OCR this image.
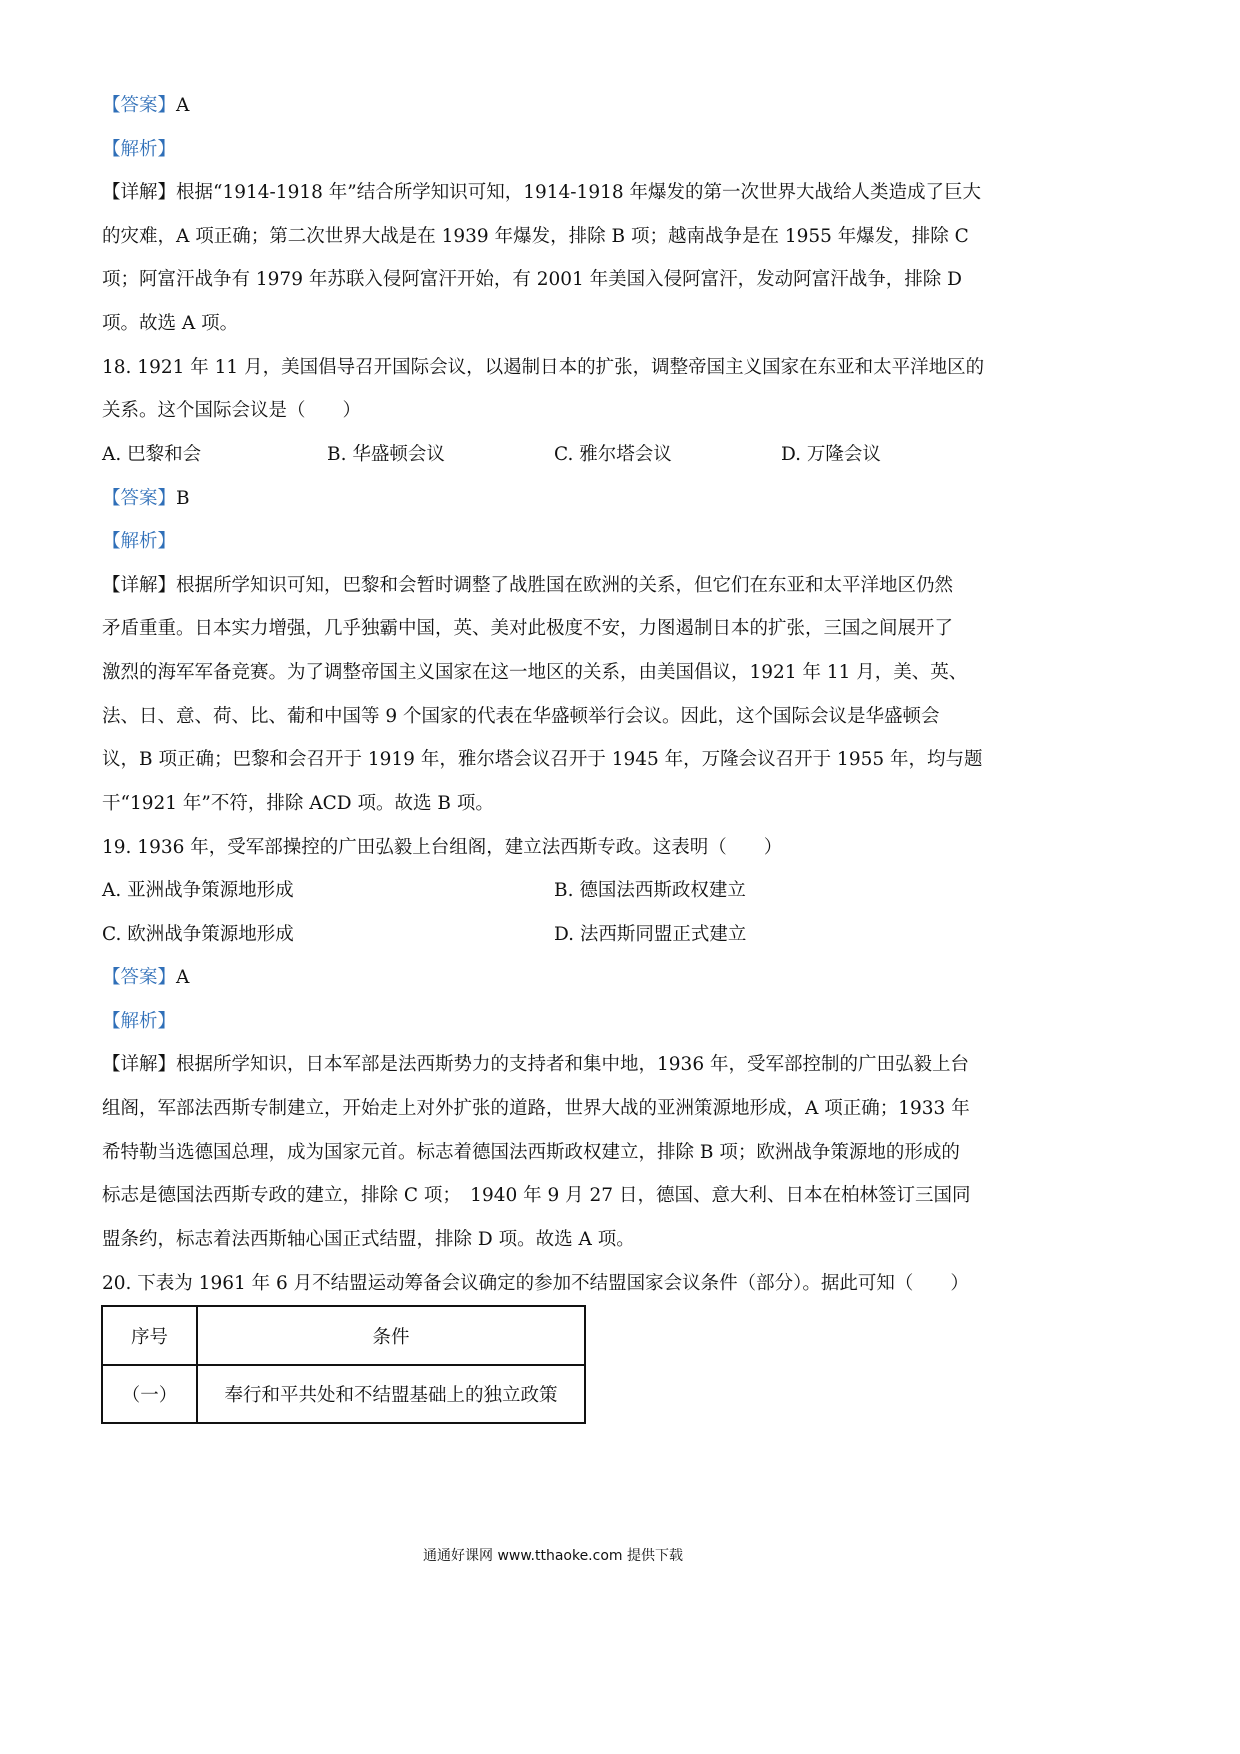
【答案】A
【解析】
【详解】根据“1914-1918 年”结合所学知识可知，1914-1918 年爆发的第一次世界大战给人类造成了巨大
的灾难，A 项正确；第二次世界大战是在 1939 年爆发，排除 B 项；越南战争是在 1955 年爆发，排除 C
项；阿富汗战争有 1979 年苏联入侵阿富汗开始，有 2001 年美国入侵阿富汗，发动阿富汗战争，排除 D
项。故选 A 项。
18. 1921 年 11 月，美国倡导召开国际会议，以遏制日本的扩张，调整帝国主义国家在东亚和太平洋地区的
关系。这个国际会议是（　　）
A. 巴黎和会	B. 华盛顿会议	C. 雅尔塔会议	D. 万隆会议
【答案】B
【解析】
【详解】根据所学知识可知，巴黎和会暂时调整了战胜国在欧洲的关系，但它们在东亚和太平洋地区仍然
矛盾重重。日本实力增强，几乎独霸中国，英、美对此极度不安，力图遏制日本的扩张，三国之间展开了
激烈的海军军备竞赛。为了调整帝国主义国家在这一地区的关系，由美国倡议，1921 年 11 月，美、英、
法、日、意、荷、比、葡和中国等 9 个国家的代表在华盛顿举行会议。因此，这个国际会议是华盛顿会
议，B 项正确；巴黎和会召开于 1919 年，雅尔塔会议召开于 1945 年，万隆会议召开于 1955 年，均与题
干“1921 年”不符，排除 ACD 项。故选 B 项。
19. 1936 年，受军部操控的广田弘毅上台组阁，建立法西斯专政。这表明（　　）
A. 亚洲战争策源地形成	B. 德国法西斯政权建立
C. 欧洲战争策源地形成	D. 法西斯同盟正式建立
【答案】A
【解析】
【详解】根据所学知识，日本军部是法西斯势力的支持者和集中地，1936 年，受军部控制的广田弘毅上台
组阁，军部法西斯专制建立，开始走上对外扩张的道路，世界大战的亚洲策源地形成，A 项正确；1933 年
希特勒当选德国总理，成为国家元首。标志着德国法西斯政权建立，排除 B 项；欧洲战争策源地的形成的
标志是德国法西斯专政的建立，排除 C 项；　1940 年 9 月 27 日，德国、意大利、日本在柏林签订三国同
盟条约，标志着法西斯轴心国正式结盟，排除 D 项。故选 A 项。
20. 下表为 1961 年 6 月不结盟运动筹备会议确定的参加不结盟国家会议条件（部分）。据此可知（　　）
序号	条件
（一）	奉行和平共处和不结盟基础上的独立政策
通通好课网 www.tthaoke.com 提供下载
